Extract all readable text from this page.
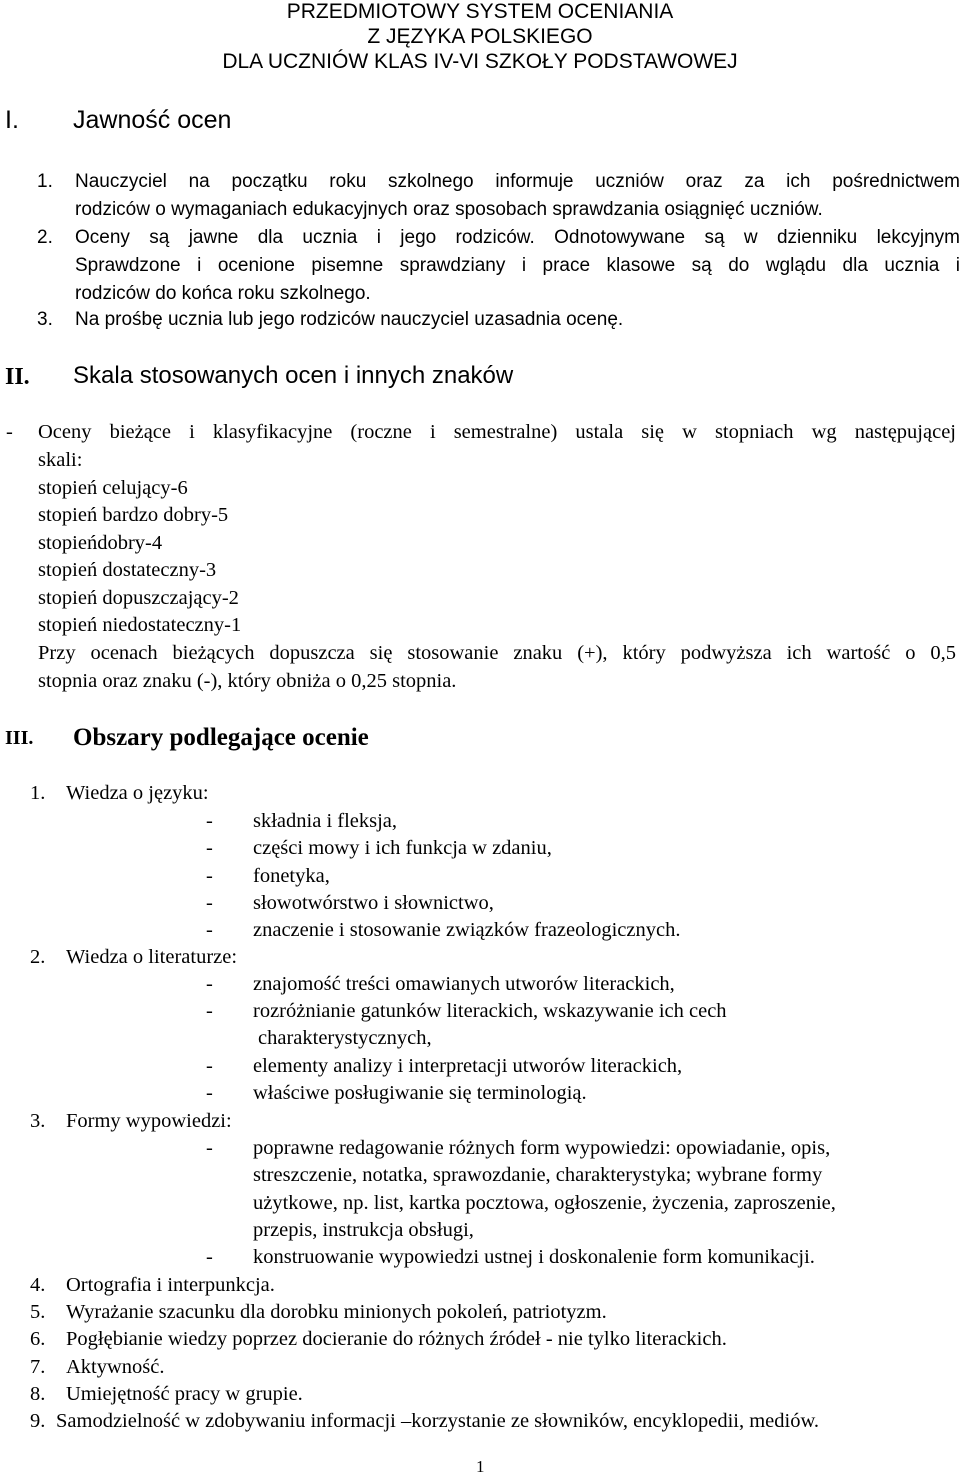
PRZEDMIOTOWY SYSTEM OCENIANIA
Z JĘZYKA POLSKIEGO
DLA UCZNIÓW KLAS IV-VI SZKOŁY PODSTAWOWEJ
I. Jawność ocen
1. Nauczyciel na początku roku szkolnego informuje uczniów oraz za ich pośrednictwem
rodziców o wymaganiach edukacyjnych oraz sposobach sprawdzania osiągnięć uczniów.
2. Oceny są jawne dla ucznia i jego rodziców. Odnotowywane są w dzienniku lekcyjnym
Sprawdzone i ocenione pisemne sprawdziany i prace klasowe są do wglądu dla ucznia i
rodziców do końca roku szkolnego.
3. Na prośbę ucznia lub jego rodziców nauczyciel uzasadnia ocenę.
II. Skala stosowanych ocen i innych znaków
- Oceny bieżące i klasyfikacyjne (roczne i semestralne) ustala się w stopniach wg następującej
skali:
stopień celujący-6
stopień bardzo dobry-5
stopieńdobry-4
stopień dostateczny-3
stopień dopuszczający-2
stopień niedostateczny-1
Przy ocenach bieżących dopuszcza się stosowanie znaku (+), który podwyższa ich wartość o 0,5
stopnia oraz znaku (-), który obniża o 0,25 stopnia.
III. Obszary podlegające ocenie
1. Wiedza o języku:
- składnia i fleksja,
- części mowy i ich funkcja w zdaniu,
- fonetyka,
- słowotwórstwo i słownictwo,
- znaczenie i stosowanie związków frazeologicznych.
2. Wiedza o literaturze:
- znajomość treści omawianych utworów literackich,
- rozróżnianie gatunków literackich, wskazywanie ich cech
charakterystycznych,
- elementy analizy i interpretacji utworów literackich,
- właściwe posługiwanie się terminologią.
3. Formy wypowiedzi:
- poprawne redagowanie różnych form wypowiedzi: opowiadanie, opis,
streszczenie, notatka, sprawozdanie, charakterystyka; wybrane formy
użytkowe, np. list, kartka pocztowa, ogłoszenie, życzenia, zaproszenie,
przepis, instrukcja obsługi,
- konstruowanie wypowiedzi ustnej i doskonalenie form komunikacji.
4. Ortografia i interpunkcja.
5. Wyrażanie szacunku dla dorobku minionych pokoleń, patriotyzm.
6. Pogłębianie wiedzy poprzez docieranie do różnych źródeł - nie tylko literackich.
7. Aktywność.
8. Umiejętność pracy w grupie.
9. Samodzielność w zdobywaniu informacji –korzystanie ze słowników, encyklopedii, mediów.
1
